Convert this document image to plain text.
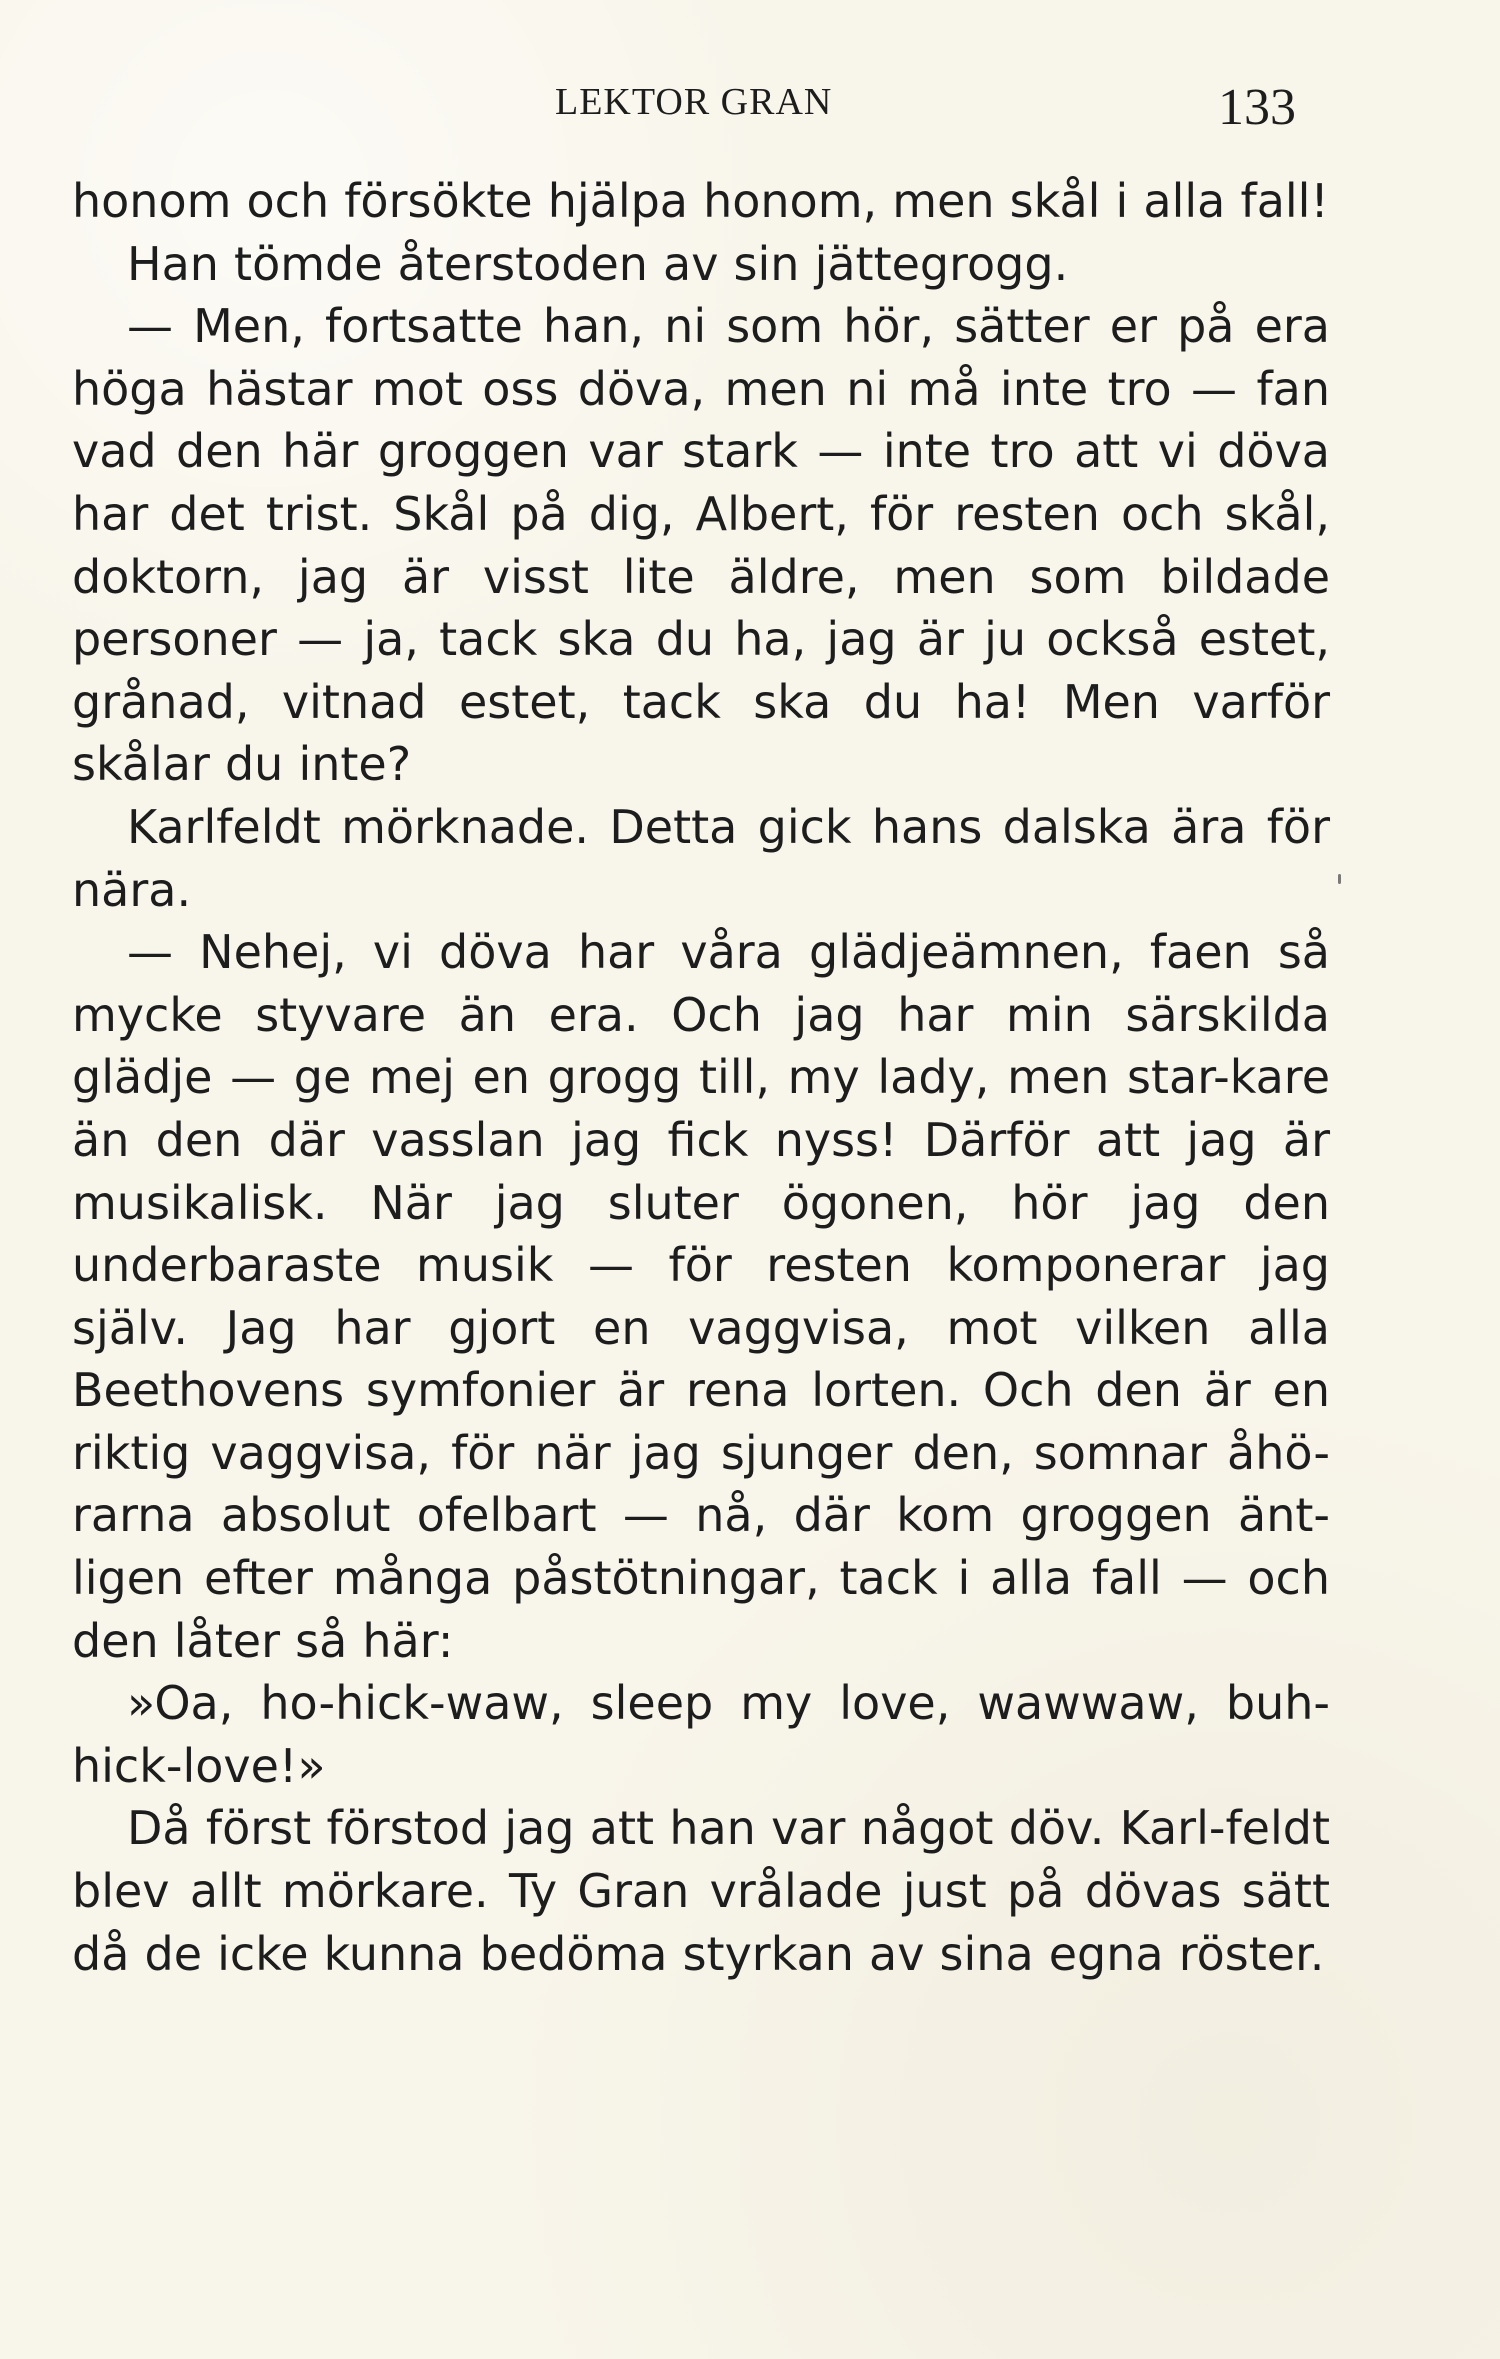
LEKTOR GRAN	133

honom och försökte hjälpa honom, men skål i alla fall!

Han tömde återstoden av sin jättegrogg.

— Men, fortsatte han, ni som hör, sätter er på era höga hästar mot oss döva, men ni må inte tro — fan vad den här groggen var stark — inte tro att vi döva har det trist. Skål på dig, Albert, för resten och skål, doktorn, jag är visst lite äldre, men som bildade personer — ja, tack ska du ha, jag är ju också estet, grånad, vitnad estet, tack ska du ha! Men varför skålar du inte?

Karlfeldt mörknade. Detta gick hans dalska ära för nära.

— Nehej, vi döva har våra glädjeämnen, faen så mycke styvare än era. Och jag har min särskilda glädje — ge mej en grogg till, my lady, men star-kare än den där vasslan jag fick nyss! Därför att jag är musikalisk. När jag sluter ögonen, hör jag den underbaraste musik — för resten komponerar jag själv. Jag har gjort en vaggvisa, mot vilken alla Beethovens symfonier är rena lorten. Och den är en riktig vaggvisa, för när jag sjunger den, somnar åhö-rarna absolut ofelbart — nå, där kom groggen änt-ligen efter många påstötningar, tack i alla fall — och den låter så här:

»Oa, ho-hick-waw, sleep my love, wawwaw, buh-hick-love!»

Då först förstod jag att han var något döv. Karl-feldt blev allt mörkare. Ty Gran vrålade just på dövas sätt då de icke kunna bedöma styrkan av sina egna röster.
